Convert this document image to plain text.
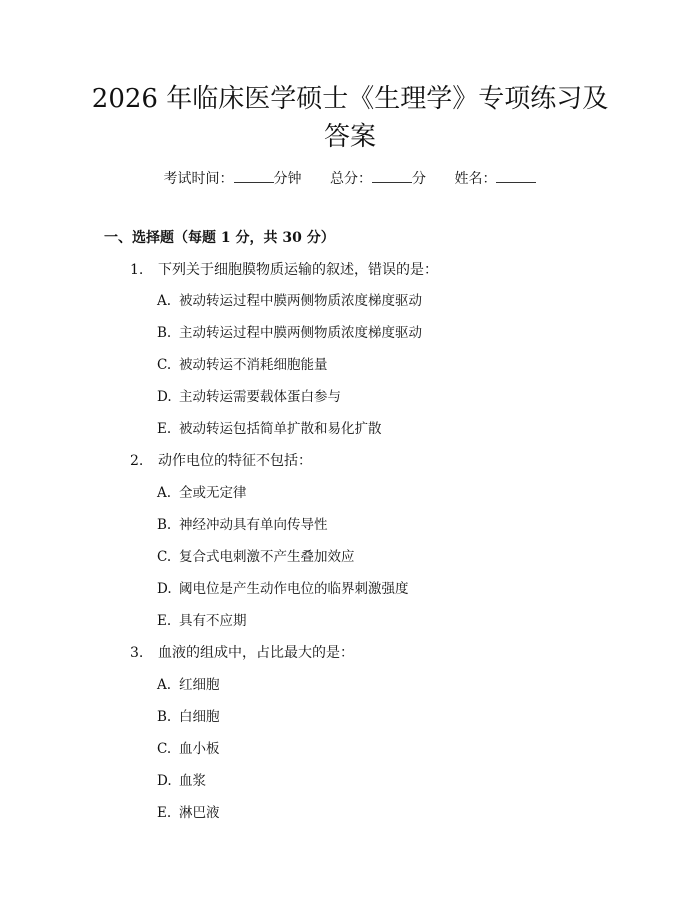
2026 年临床医学硕士《生理学》专项练习及
答案
考试时间：	分钟 总分：	分 姓名：
一、选择题（每题 1 分，共 30 分）
1. 下列关于细胞膜物质运输的叙述，错误的是：
A. 被动转运过程中膜两侧物质浓度梯度驱动
B. 主动转运过程中膜两侧物质浓度梯度驱动
C. 被动转运不消耗细胞能量
D. 主动转运需要载体蛋白参与
E. 被动转运包括简单扩散和易化扩散
2. 动作电位的特征不包括：
A. 全或无定律
B. 神经冲动具有单向传导性
C. 复合式电刺激不产生叠加效应
D. 阈电位是产生动作电位的临界刺激强度
E. 具有不应期
3. 血液的组成中，占比最大的是：
A. 红细胞
B. 白细胞
C. 血小板
D. 血浆
E. 淋巴液
